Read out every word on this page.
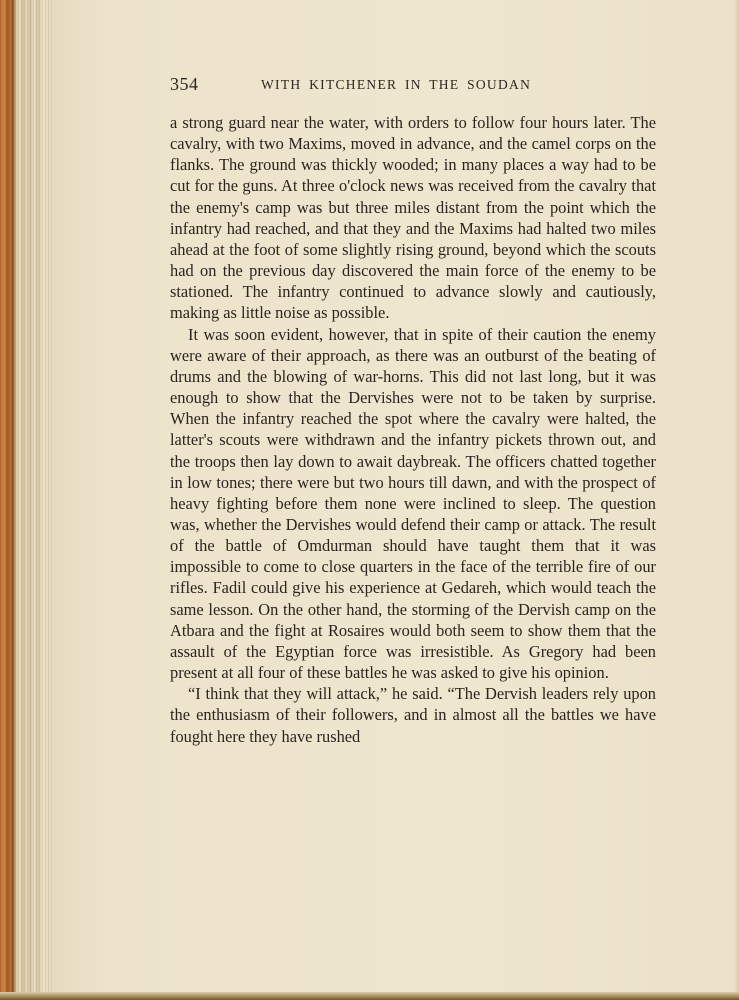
354	WITH KITCHENER IN THE SOUDAN

a strong guard near the water, with orders to follow four hours later. The cavalry, with two Maxims, moved in advance, and the camel corps on the flanks. The ground was thickly wooded; in many places a way had to be cut for the guns. At three o'clock news was received from the cavalry that the enemy's camp was but three miles distant from the point which the infantry had reached, and that they and the Maxims had halted two miles ahead at the foot of some slightly rising ground, beyond which the scouts had on the previous day discovered the main force of the enemy to be stationed. The infantry continued to advance slowly and cautiously, making as little noise as possible.

It was soon evident, however, that in spite of their caution the enemy were aware of their approach, as there was an outburst of the beating of drums and the blowing of war-horns. This did not last long, but it was enough to show that the Dervishes were not to be taken by surprise. When the infantry reached the spot where the cavalry were halted, the latter's scouts were withdrawn and the infantry pickets thrown out, and the troops then lay down to await daybreak. The officers chatted together in low tones; there were but two hours till dawn, and with the prospect of heavy fighting before them none were inclined to sleep. The question was, whether the Dervishes would defend their camp or attack. The result of the battle of Omdurman should have taught them that it was impossible to come to close quarters in the face of the terrible fire of our rifles. Fadil could give his experience at Gedareh, which would teach the same lesson. On the other hand, the storming of the Dervish camp on the Atbara and the fight at Rosaires would both seem to show them that the assault of the Egyptian force was irresistible. As Gregory had been present at all four of these battles he was asked to give his opinion.

“I think that they will attack,” he said. “The Dervish leaders rely upon the enthusiasm of their followers, and in almost all the battles we have fought here they have rushed
